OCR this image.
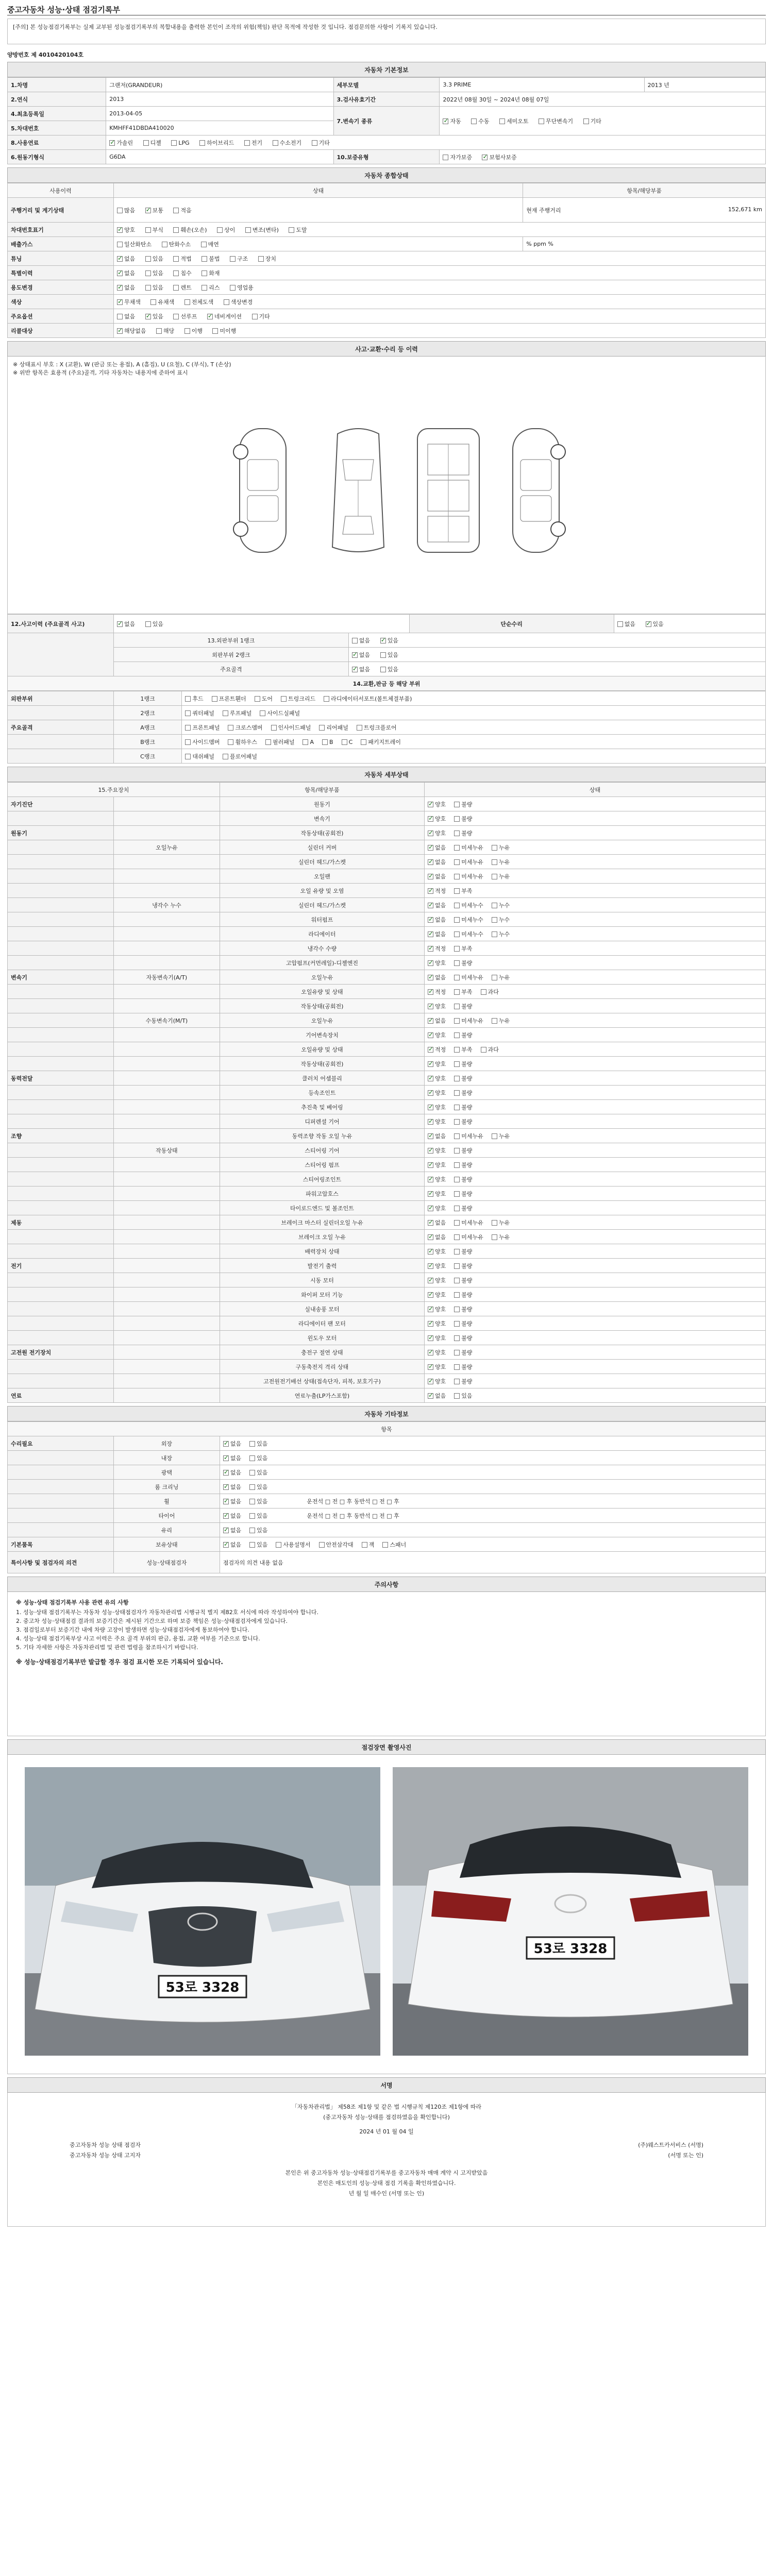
중고자동차 성능·상태 점검기록부
[주의] 본 성능점검기록부는 실제 교부된 성능점검기록부의 복합내용을 출력한 본인이 조작의 위험(책임) 판단 목적에 작성한 것 입니다. 점검문의한 사항이 기록지 있습니다.
양방번호 제 4010420104호
자동차 기본정보
1.차명	그랜저(GRANDEUR)	세부모델	3.3 PRIME	2013 년
2.연식	2013	3.검사유효기간	2022년 08월 30일 ~ 2024년 08월 07일	
4.최초등록일	2013-04-05	7.변속기 종류	✓자동 수동 세미오토 무단변속기 기타
5.차대번호	KMHFF41DBDA410020			
8.사용연료	✓가솔린 디젤 LPG 하이브리드 전기 수소전기 기타
6.원동기형식	G6DA	10.보증유형	자가보증 ✓ 보험사보증
자동차 종합상태
사용이력	상태	항목/해당부품
주행거리 및 계기상태	많음 ✓ 보통 적음	현재 주행거리 152,671 km

차대번호표기	✓양호 부식 훼손(오손) 상이 변조(변타) 도말
배출가스	일산화탄소 탄화수소 매연	% ppm %
튜닝	✓없음 있음 적법 불법 구조 장치
특별이력	✓없음 있음 침수 화재
용도변경	✓없음 있음 렌트 리스 영업용
색상	✓무채색 유채색 전체도색 색상변경
주요옵션	없음 ✓ 있음 선루프 ✓ 네비게이션 기타
리콜대상	✓해당없음 해당 이행 미이행
사고·교환·수리 등 이력
※ 상태표시 부호 : X (교환), W (판금 또는 용접), A (흠집), U (요철), C (부식), T (손상)
※ 위반 항목은 효용적 (주요)골격, 기타 자동차는 내용지에 준하여 표시
12.사고이력 (주요골격 사고)	✓없음 있음		단순수리	없음 ✓ 있음
	13.외판부위 1랭크	없음 ✓ 있음
	외판부위 2랭크	✓없음 있음
	주요골격	✓없음 있음
14.교환,판금 등 해당 부위				
외판부위	1랭크	후드 프론트휀더 도어 트렁크리드 라디에이터서포트(볼트체결부품)
	2랭크	쿼터패널 루프패널 사이드실패널
주요골격	A랭크	프론트패널 크로스멤버 인사이드패널 리어패널 트렁크플로어
	B랭크	사이드멤버 휠하우스 필러패널 A B C 패키지트레이
	C랭크	대쉬패널 플로어패널
자동차 세부상태
15.주요장치		항목/해당부품	상태
자기진단		원동기	✓양호 불량
		변속기	✓양호 불량
원동기		작동상태(공회전)	✓양호 불량
	오일누유	실린더 커버	✓없음 미세누유 누유
		실린더 헤드/가스켓	✓없음 미세누유 누유
		오일팬	✓없음 미세누유 누유
		오일 유량 및 오염	✓적정 부족
	냉각수 누수	실린더 헤드/가스켓	✓없음 미세누수 누수
		워터펌프	✓없음 미세누수 누수
		라디에이터	✓없음 미세누수 누수
		냉각수 수량	✓적정 부족
		고압펌프(커먼레일)-디젤엔진	✓양호 불량
변속기	자동변속기(A/T)	오일누유	✓없음 미세누유 누유
		오일유량 및 상태	✓적정 부족 과다
		작동상태(공회전)	✓양호 불량
	수동변속기(M/T)	오일누유	✓없음 미세누유 누유
		기어변속장치	✓양호 불량
		오일유량 및 상태	✓적정 부족 과다
		작동상태(공회전)	✓양호 불량
동력전달		클러치 어셈블리	✓양호 불량
		등속조인트	✓양호 불량
		추진축 및 베어링	✓양호 불량
		디퍼렌셜 기어	✓양호 불량
조향		동력조향 작동 오일 누유	✓없음 미세누유 누유
	작동상태	스티어링 기어	✓양호 불량
		스티어링 펌프	✓양호 불량
		스티어링조인트	✓양호 불량
		파워고압호스	✓양호 불량
		타이로드엔드 및 볼조인트	✓양호 불량
제동		브레이크 마스터 실린더오일 누유	✓없음 미세누유 누유
		브레이크 오일 누유	✓없음 미세누유 누유
		배력장치 상태	✓양호 불량
전기		발전기 출력	✓양호 불량
		시동 모터	✓양호 불량
		와이퍼 모터 기능	✓양호 불량
		실내송풍 모터	✓양호 불량
		라디에이터 팬 모터	✓양호 불량
		윈도우 모터	✓양호 불량
고전원 전기장치		충전구 절연 상태	✓양호 불량
		구동축전지 격리 상태	✓양호 불량
		고전원전기배선 상태(접속단자, 피복, 보호기구)	✓양호 불량
연료		연료누출(LP가스포함)	✓없음 있음
자동차 기타정보
항목		
수리필요	외장	✓없음 있음
	내장	✓없음 있음
	광택	✓없음 있음
	룸 크리닝	✓없음 있음
	휠	✓없음 있음 운전석 □ 전 □ 후 동반석 □ 전 □ 후
	타이어	✓없음 있음 운전석 □ 전 □ 후 동반석 □ 전 □ 후
	유리	✓없음 있음
기본품목	보유상태	✓없음 있음 사용설명서 안전삼각대 잭 스패너
특이사항 및 점검자의 의견	성능·상태점검자	점검자의 의견 내용 없음
주의사항
※ 성능·상태 점검기록부 사용 관련 유의 사항
1. 성능·상태 점검기록부는 자동차 성능·상태점검자가 자동차관리법 시행규칙 별지 제82호 서식에 따라 작성하여야 합니다.
2. 중고차 성능·상태점검 결과의 보증기간은 제시된 기간으로 하며 보증 책임은 성능·상태점검자에게 있습니다.
3. 점검일로부터 보증기간 내에 차량 고장이 발생하면 성능·상태점검자에게 통보하여야 합니다.
4. 성능·상태 점검기록부상 사고 이력은 주요 골격 부위의 판금, 용접, 교환 여부를 기준으로 합니다.
5. 기타 자세한 사항은 자동차관리법 및 관련 법령을 참조하시기 바랍니다.
※ 성능·상태점검기록부만 발급할 경우 점검 표시한 모든 기록되어 있습니다.
점검장면 촬영사진
53로 3328
53로 3328
서명
「자동차관리법」 제58조 제1항 및 같은 법 시행규칙 제120조 제1항에 따라
(중고자동차 성능·상태를 점검하였음을 확인합니다)
2024 년 01 월 04 일
중고자동차 성능 상태 점검자	(주)웨스트카서비스 (서명)
중고자동차 성능 상태 고지자	(서명 또는 인)
본인은 위 중고자동차 성능·상태점검기록부를 중고자동차 매매 계약 시 고지받았음
본인은 매도인의 성능·상태 점검 기록을 확인하였습니다.
년 월 일 매수인 (서명 또는 인)
